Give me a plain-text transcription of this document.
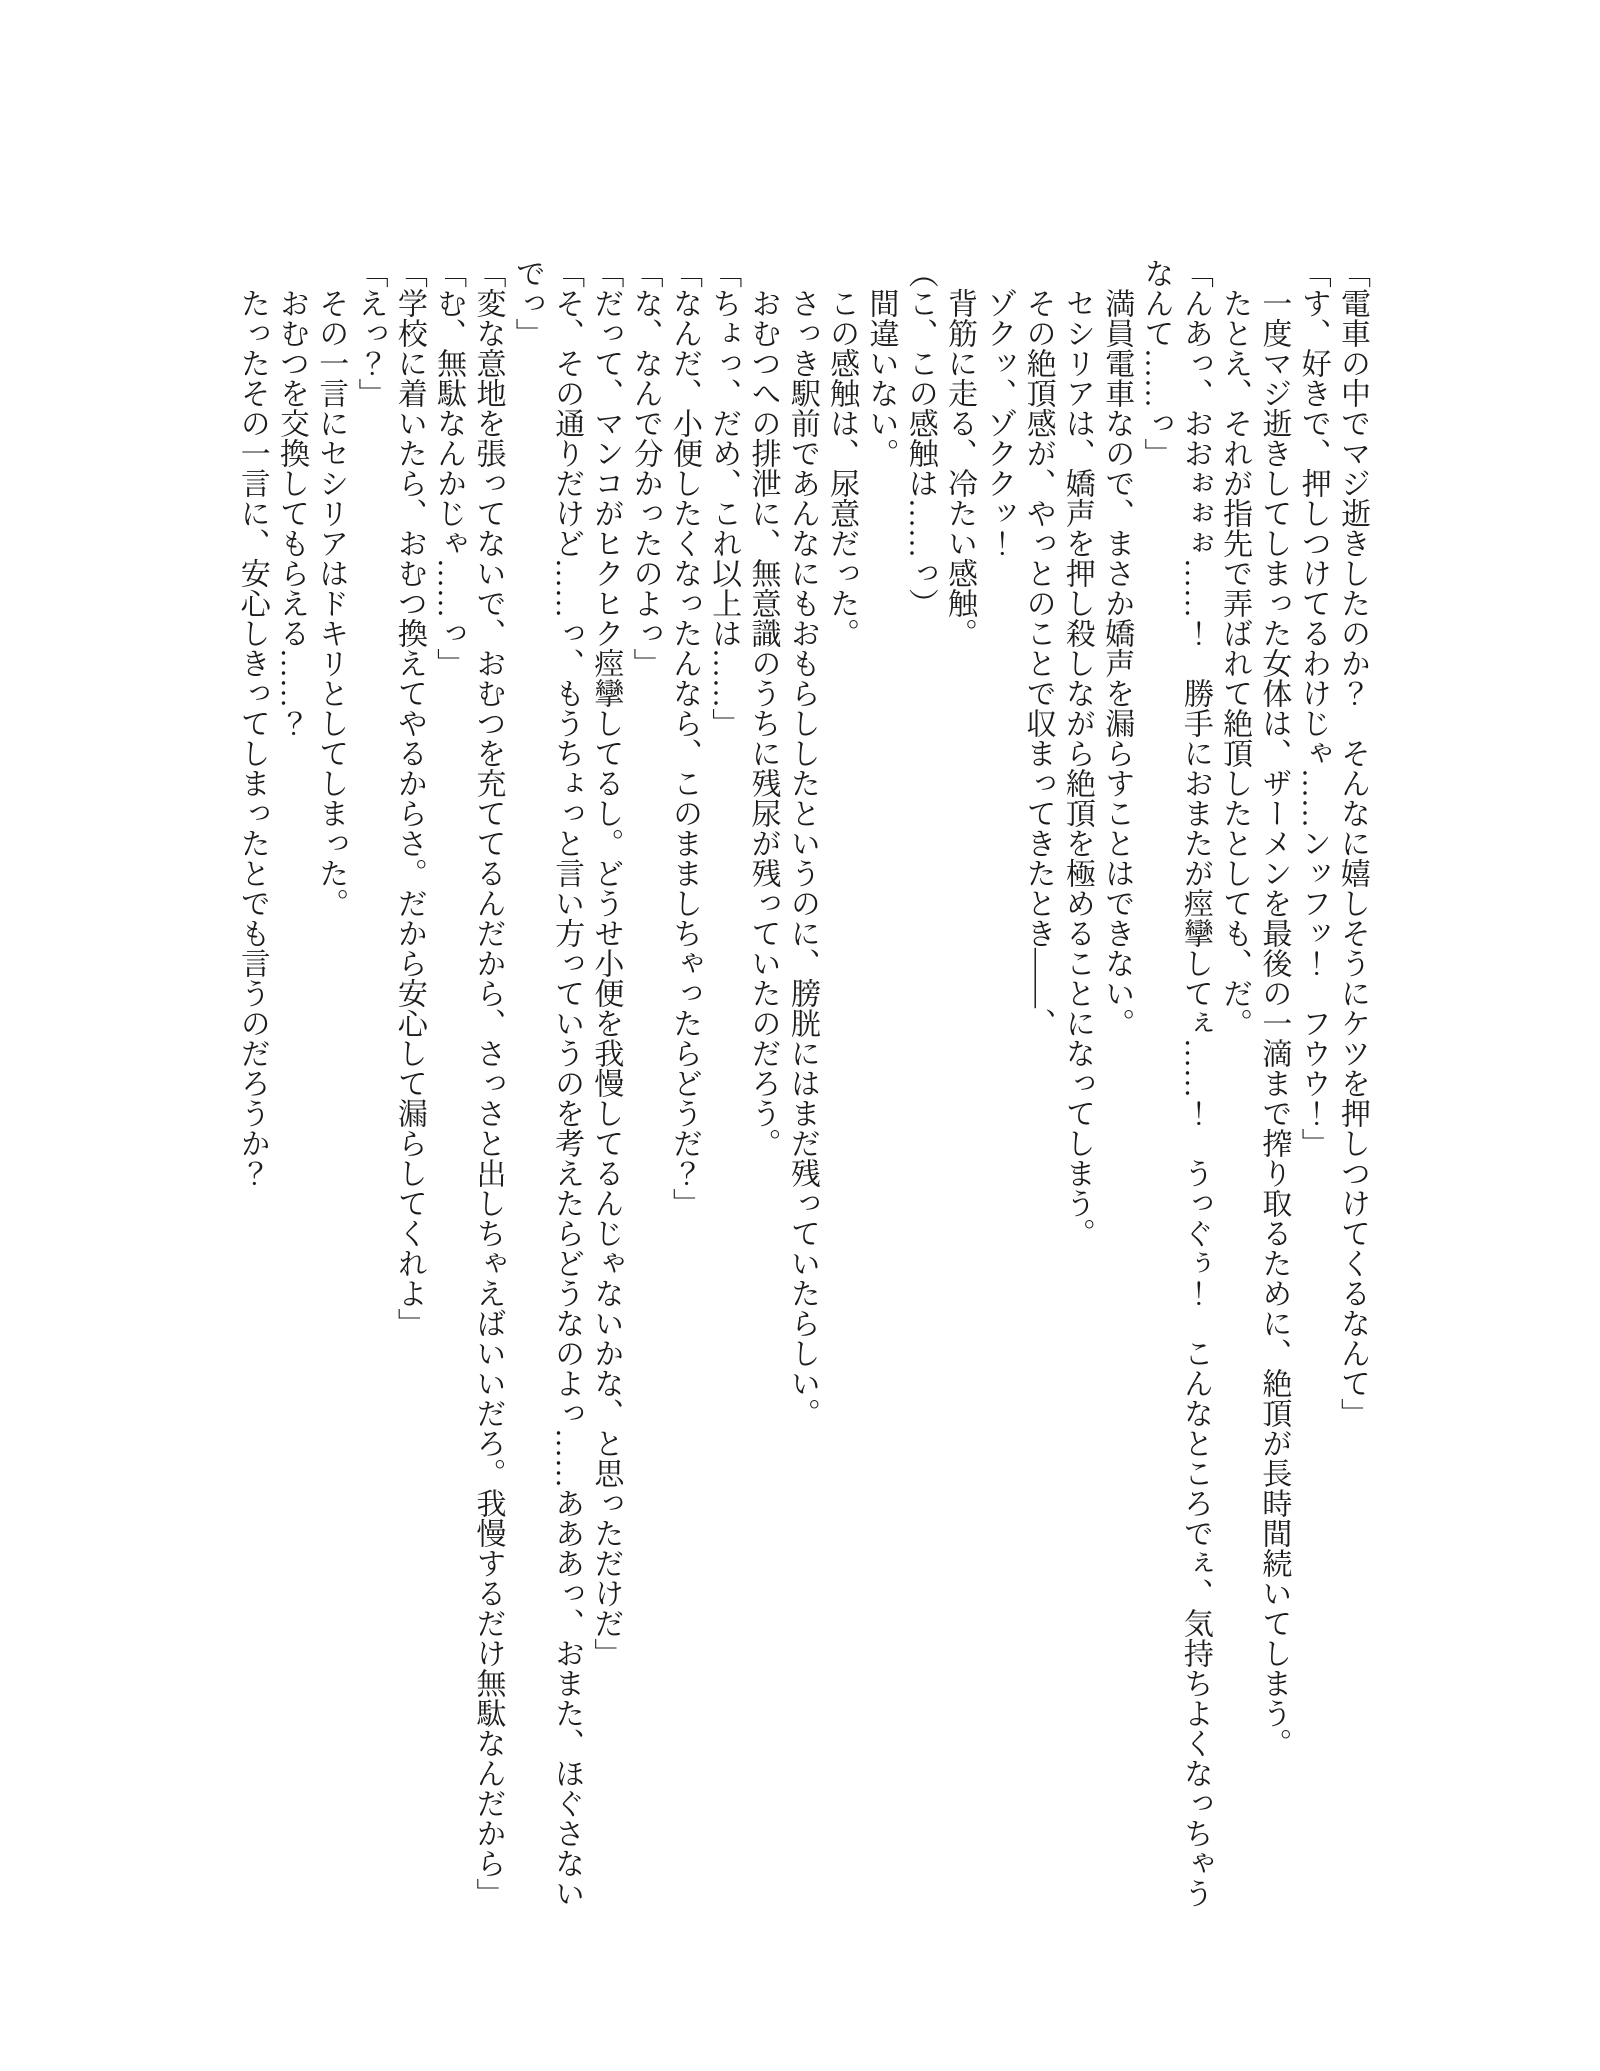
「電車の中でマジ逝きしたのか？　そんなに嬉しそうにケツを押しつけてくるなんて」

「す、好きで、押しつけてるわけじゃ……ンッフッ！　フウウ！」

一度マジ逝きしてしまった女体は、ザーメンを最後の一滴まで搾り取るために、絶頂が長時間続いてしまう。

たとえ、それが指先で弄ばれて絶頂したとしても、だ。

「んあっ、おおぉぉぉ……！　勝手におまたが痙攣してぇ……！　うっぐぅ！　こんなところでぇ、気持ちよくなっちゃう

なんて……っ」

満員電車なので、まさか嬌声を漏らすことはできない。

セシリアは、嬌声を押し殺しながら絶頂を極めることになってしまう。

その絶頂感が、やっとのことで収まってきたとき――、

ゾクッ、ゾククッ！

背筋に走る、冷たい感触。

（こ、この感触は……っ）

間違いない。

この感触は、尿意だった。

さっき駅前であんなにもおもらししたというのに、膀胱にはまだ残っていたらしい。

おむつへの排泄に、無意識のうちに残尿が残っていたのだろう。

「ちょっ、だめ、これ以上は……」

「なんだ、小便したくなったんなら、このまましちゃったらどうだ？」

「な、なんで分かったのよっ」

「だって、マンコがヒクヒク痙攣してるし。どうせ小便を我慢してるんじゃないかな、と思っただけだ」

「そ、その通りだけど……っ、もうちょっと言い方っていうのを考えたらどうなのよっ……あああっ、おまた、ほぐさない

でっ」

「変な意地を張ってないで、おむつを充ててるんだから、さっさと出しちゃえばいいだろ。我慢するだけ無駄なんだから」

「む、無駄なんかじゃ……っ」

「学校に着いたら、おむつ換えてやるからさ。だから安心して漏らしてくれよ」

「えっ？」

その一言にセシリアはドキリとしてしまった。

おむつを交換してもらえる……？

たったその一言に、安心しきってしまったとでも言うのだろうか？
